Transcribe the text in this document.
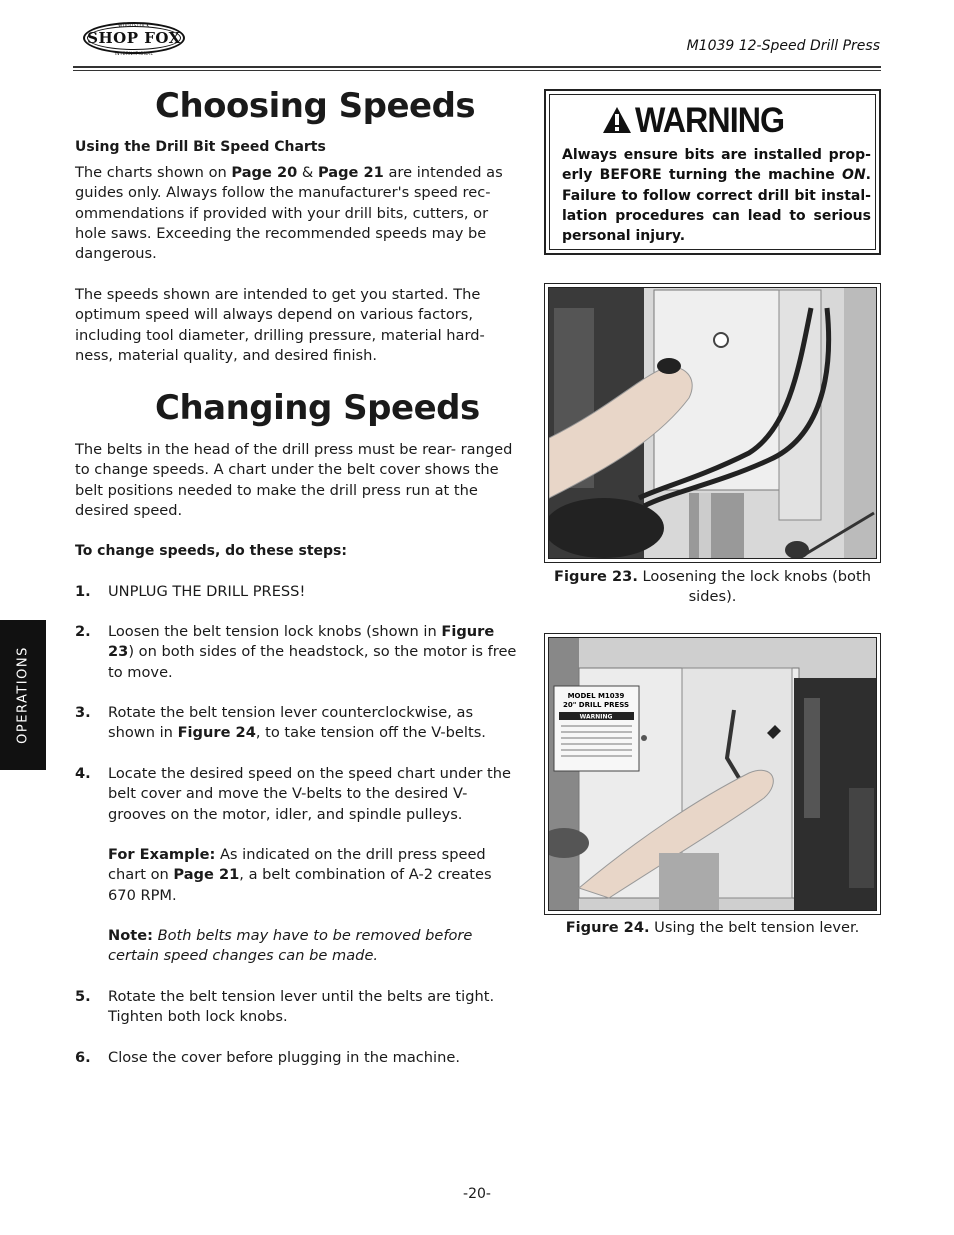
WOODSTOCK
SHOP FOX
INTERNATIONAL	M1039 12-Speed Drill Press
OPERATIONS
Choosing Speeds
Using the Drill Bit Speed Charts
The charts shown on Page 20 & Page 21 are intended as guides only. Always follow the manufacturer's speed rec- ommendations if provided with your drill bits, cutters, or hole saws. Exceeding the recommended speeds may be dangerous.
The speeds shown are intended to get you started. The optimum speed will always depend on various factors, including tool diameter, drilling pressure, material hard- ness, material quality, and desired finish.
Changing Speeds
The belts in the head of the drill press must be rear- ranged to change speeds. A chart under the belt cover shows the belt positions needed to make the drill press run at the desired speed.
To change speeds, do these steps:
1. UNPLUG THE DRILL PRESS!
2. Loosen the belt tension lock knobs (shown in Figure 23) on both sides of the headstock, so the motor is free to move.
3. Rotate the belt tension lever counterclockwise, as shown in Figure 24, to take tension off the V-belts.
4. Locate the desired speed on the speed chart under the belt cover and move the V-belts to the desired V-grooves on the motor, idler, and spindle pulleys.
For Example: As indicated on the drill press speed chart on Page 21, a belt combination of A-2 creates 670 RPM.
Note: Both belts may have to be removed before certain speed changes can be made.
5. Rotate the belt tension lever until the belts are tight. Tighten both lock knobs.
6. Close the cover before plugging in the machine.
WARNING
Always ensure bits are installed prop- erly BEFORE turning the machine ON. Failure to follow correct drill bit instal- lation procedures can lead to serious personal injury.
Figure 23. Loosening the lock knobs (both sides).
MODEL M1039
20" DRILL PRESS
WARNING
Figure 24. Using the belt tension lever.
-20-
